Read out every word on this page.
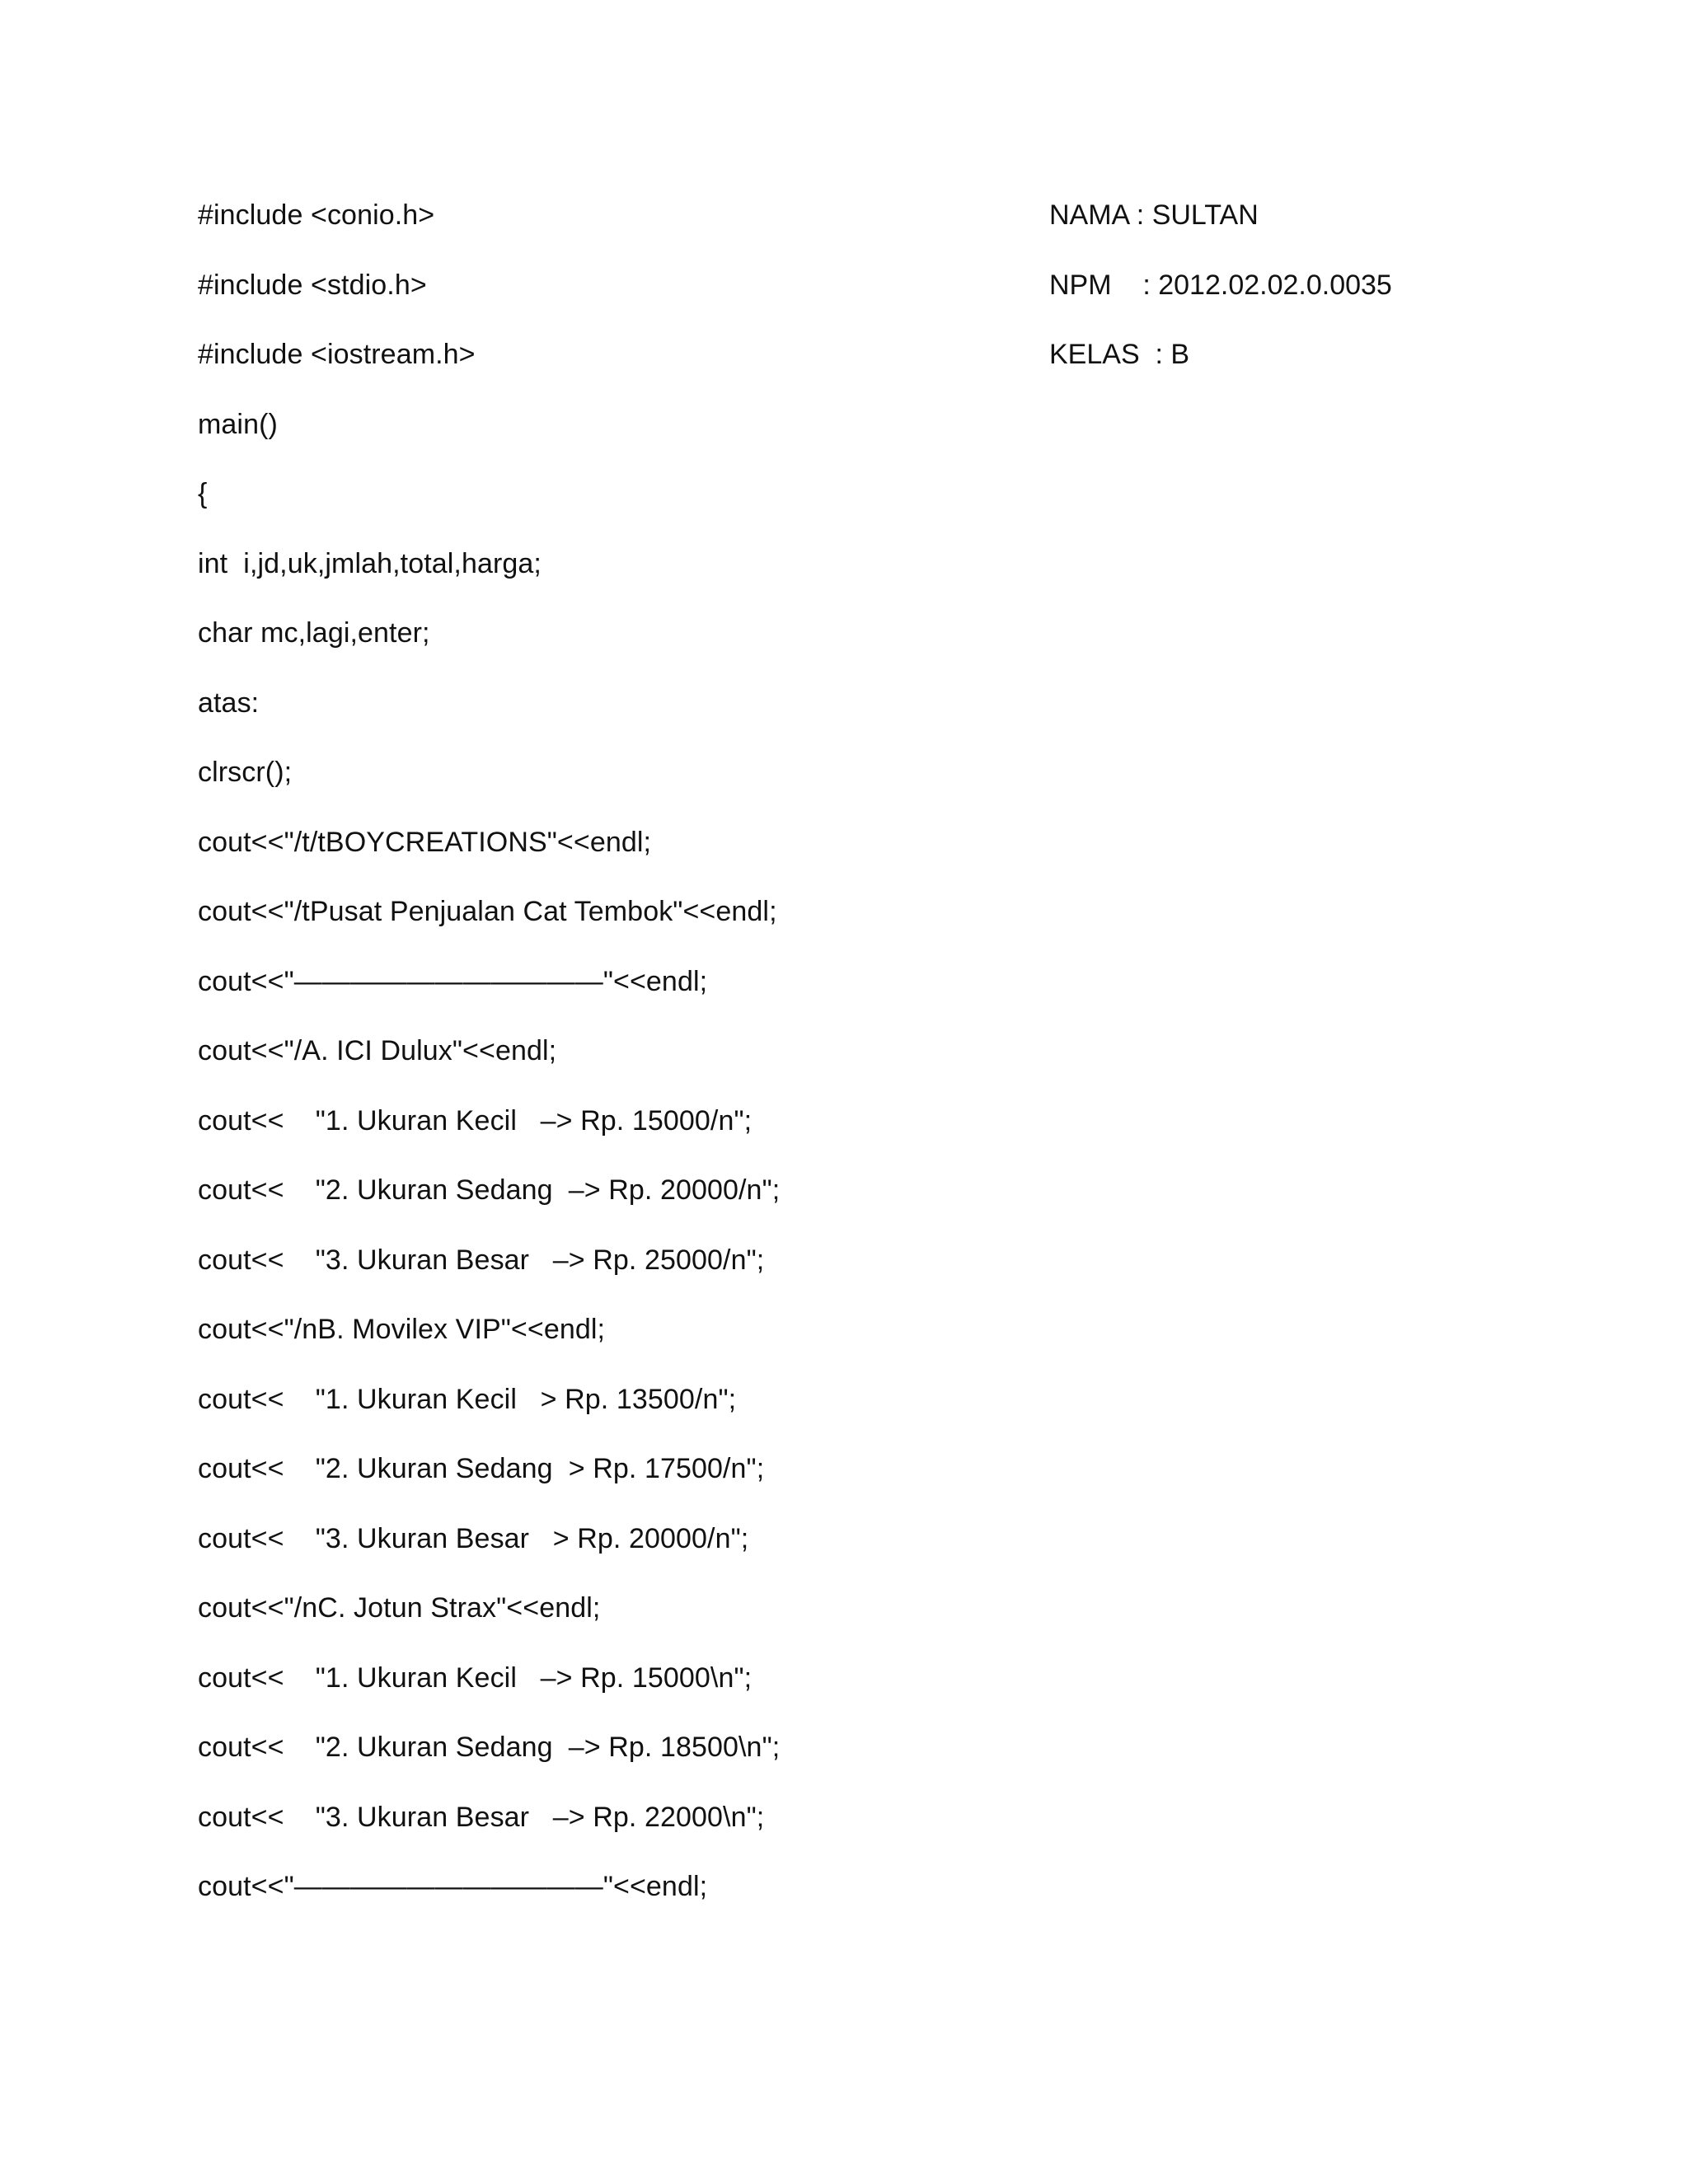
NAMA : SULTAN
NPM    : 2012.02.02.0.0035
KELAS  : B
#include <conio.h>
#include <stdio.h>
#include <iostream.h>
main()
{
int  i,jd,uk,jmlah,total,harga;
char mc,lagi,enter;
atas:
clrscr();
cout<<"/t/tBOYCREATIONS"<<endl;
cout<<"/tPusat Penjualan Cat Tembok"<<endl;
cout<<"———————————"<<endl;
cout<<"/A. ICI Dulux"<<endl;
cout<<    "1. Ukuran Kecil   –> Rp. 15000/n";
cout<<    "2. Ukuran Sedang  –> Rp. 20000/n";
cout<<    "3. Ukuran Besar   –> Rp. 25000/n";
cout<<"/nB. Movilex VIP"<<endl;
cout<<    "1. Ukuran Kecil   > Rp. 13500/n";
cout<<    "2. Ukuran Sedang  > Rp. 17500/n";
cout<<    "3. Ukuran Besar   > Rp. 20000/n";
cout<<"/nC. Jotun Strax"<<endl;
cout<<    "1. Ukuran Kecil   –> Rp. 15000\n";
cout<<    "2. Ukuran Sedang  –> Rp. 18500\n";
cout<<    "3. Ukuran Besar   –> Rp. 22000\n";
cout<<"———————————"<<endl;
